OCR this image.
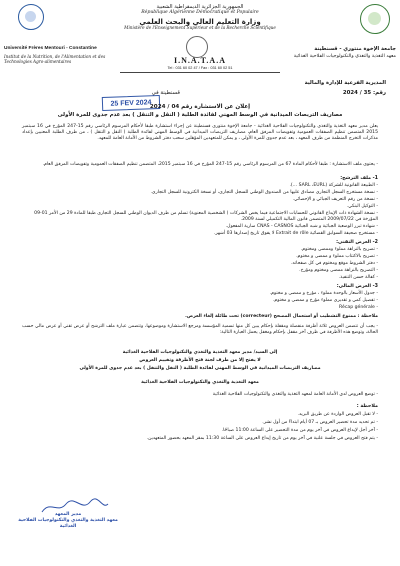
الجمهورية الجزائرية الديمقراطية الشعبية
République Algérienne Démocratique et Populaire
وزارة التعليم العالي والبحث العلمي
Ministère de l'Enseignement Supérieur et de la Recherche Scientifique
Université Frères Mentouri - Constantine
Institut de la Nutrition, de l'Alimentation et des Technologies Agro-alimentaires
جامعة الإخوة منتوري - قسنطينة
معهد التغذية والتغذي والتكنولوجيات الفلاحية الغذائية
I.N.A.T.A.A
Tel : 031 60 02 47 / Fax : 031 60 02 51
المديرية الفرعية للإدارة والمالية
رقم: 35 / 2024
قسنطينة في
25 FEV 2024
إعلان عن الاستشارة رقم 04 / 2024
مصاريف التربصات الميدانية في الوسط المهني لفائدة الطلبة ( النقل و التنقل ) بعد عدم جدوى للمرة الأولى
يعلن مدير معهد التغذية والتغذي والتكنولوجيات الفلاحية الغذائية - جامعة الإخوة منتوري قسنطينة عن إجراء استشارة طبقا لأحكام المرسوم الرئاسي رقم 15-247 المؤرخ في 16 سبتمبر 2015 المتضمن تنظيم الصفقات العمومية وتفويضات المرفق العام، مصاريف التربصات الميدانية في الوسط المهني لفائدة الطلبة ( النقل و التنقل ) ، من طرف الطلبة المعنيين بإعداد مذكرات التخرج المنظمة من طرف المعهد ، بعد عدم جدوى للمرة الأولى ، و يمكن للمتعهدين المؤهلين سحب دفتر الشروط من الأمانة العامة للمعهد.
- يحتوي ملف الاستشارة : طبقا لأحكام المادة 67 من المرسوم الرئاسي رقم 15-247 المؤرخ في 16 سبتمبر 2015، المتضمن تنظيم الصفقات العمومية وتفويضات المرفق العام.
1- ملف الترشح:
- الطبيعة القانونية للشركة (SARL ،EURL ...).
- نسخة مستخرج السجل التجاري مصادق عليها من الصندوق الوطني للسجل التجاري، أو نسخة الكترونية للسجل التجاري.
- نسخة من رقم التعريف الجبائي و الإحصائي.
- التوكيل البنكي.
- نسخة الشهادة ذات الإيداع القانوني للحسابات الاجتماعية فيما يخص الشركات ( الشخصية المعنوية) تسلم من طرف الديوان الوطني للسجل التجاري طبقا للمادة 29 من الأمر 01-09 المؤرخة في 2009/07/22 المتضمن قانون المالية التكميلي لسنة 2009.
- شهادة تبرر الوضعية الجبائية و شبه الجبائية CNAS - CASNOS سارية المفعول.
- مستخرج صحيفة السوابق القضائية Extrait de rôle لا يفوق تاريخ إصدارها 03 أشهر.
2- العرض التقني:
- تصريح بالنزاهة مملوء وممضى ومختوم.
- تصريح بالاكتتاب مملوء و ممضى و مختوم.
- دفتر الشروط موقع ومختوم في كل صفحاته.
- التصريح بالنزاهة ممضى ومختوم ومؤرخ.
- كفالة حسن التنفيذ.
3- العرض المالي:
- جدول الأسعار بالوحدة مملوء ، مؤرخ و ممضى و مختوم.
- تفصيل كمي و تقديري مملوء مؤرخ و ممضى و مختوم.
- Récap générale
ملاحظة : ممنوع التشطيب أو استعمال المصحح (correcteur) تحت طائلة إلغاء العرض.
- يجب أن تتضمن العروض ثلاثة أظرفة منفصلة ومقفلة بإحكام يبين كل منها تسمية المؤسسة ومرجع الاستشارة وموضوعها، وتتضمن عبارة ملف الترشح أو عرض تقني أو عرض مالي حسب الحالة، وتوضع هذه الأظرفة في ظرف آخر مقفل بإحكام ومغفل يحمل العبارة التالية:
إلى السيد/ مدير معهد التغذية والتغذي والتكنولوجيات الفلاحية الغذائية
لا يفتح إلا من طرف لجنة فتح الأظرفة وتقييم العروض
مصاريف التربصات الميدانية في الوسط المهني لفائدة الطلبة ( النقل والتنقل ) بعد عدم جدوى للمرة الأولى
معهد التغذية والتغذي والتكنولوجيات الفلاحية الغذائية
- توضع العروض لدى الأمانة العامة لمعهد التغذية والتغذي والتكنولوجيات الفلاحية الغذائية
ملاحظة :
- لا تقبل العروض الواردة عن طريق البريد.
- تم تحديد مدة تحضير العروض بـ 07 أيام ابتداءً من أول نشر.
- آخر أجل لإيداع العروض في آخر يوم من مدة التحضير على الساعة 11:00 صباحًا.
- يتم فتح العروض في جلسة علنية في آخر يوم من تاريخ إيداع العروض على الساعة 11:30 بمقر المعهد بحضور المتعهدين.
مدير المعهد
معهد التغذية والتغذي والتكنولوجيات الفلاحية الغذائية
